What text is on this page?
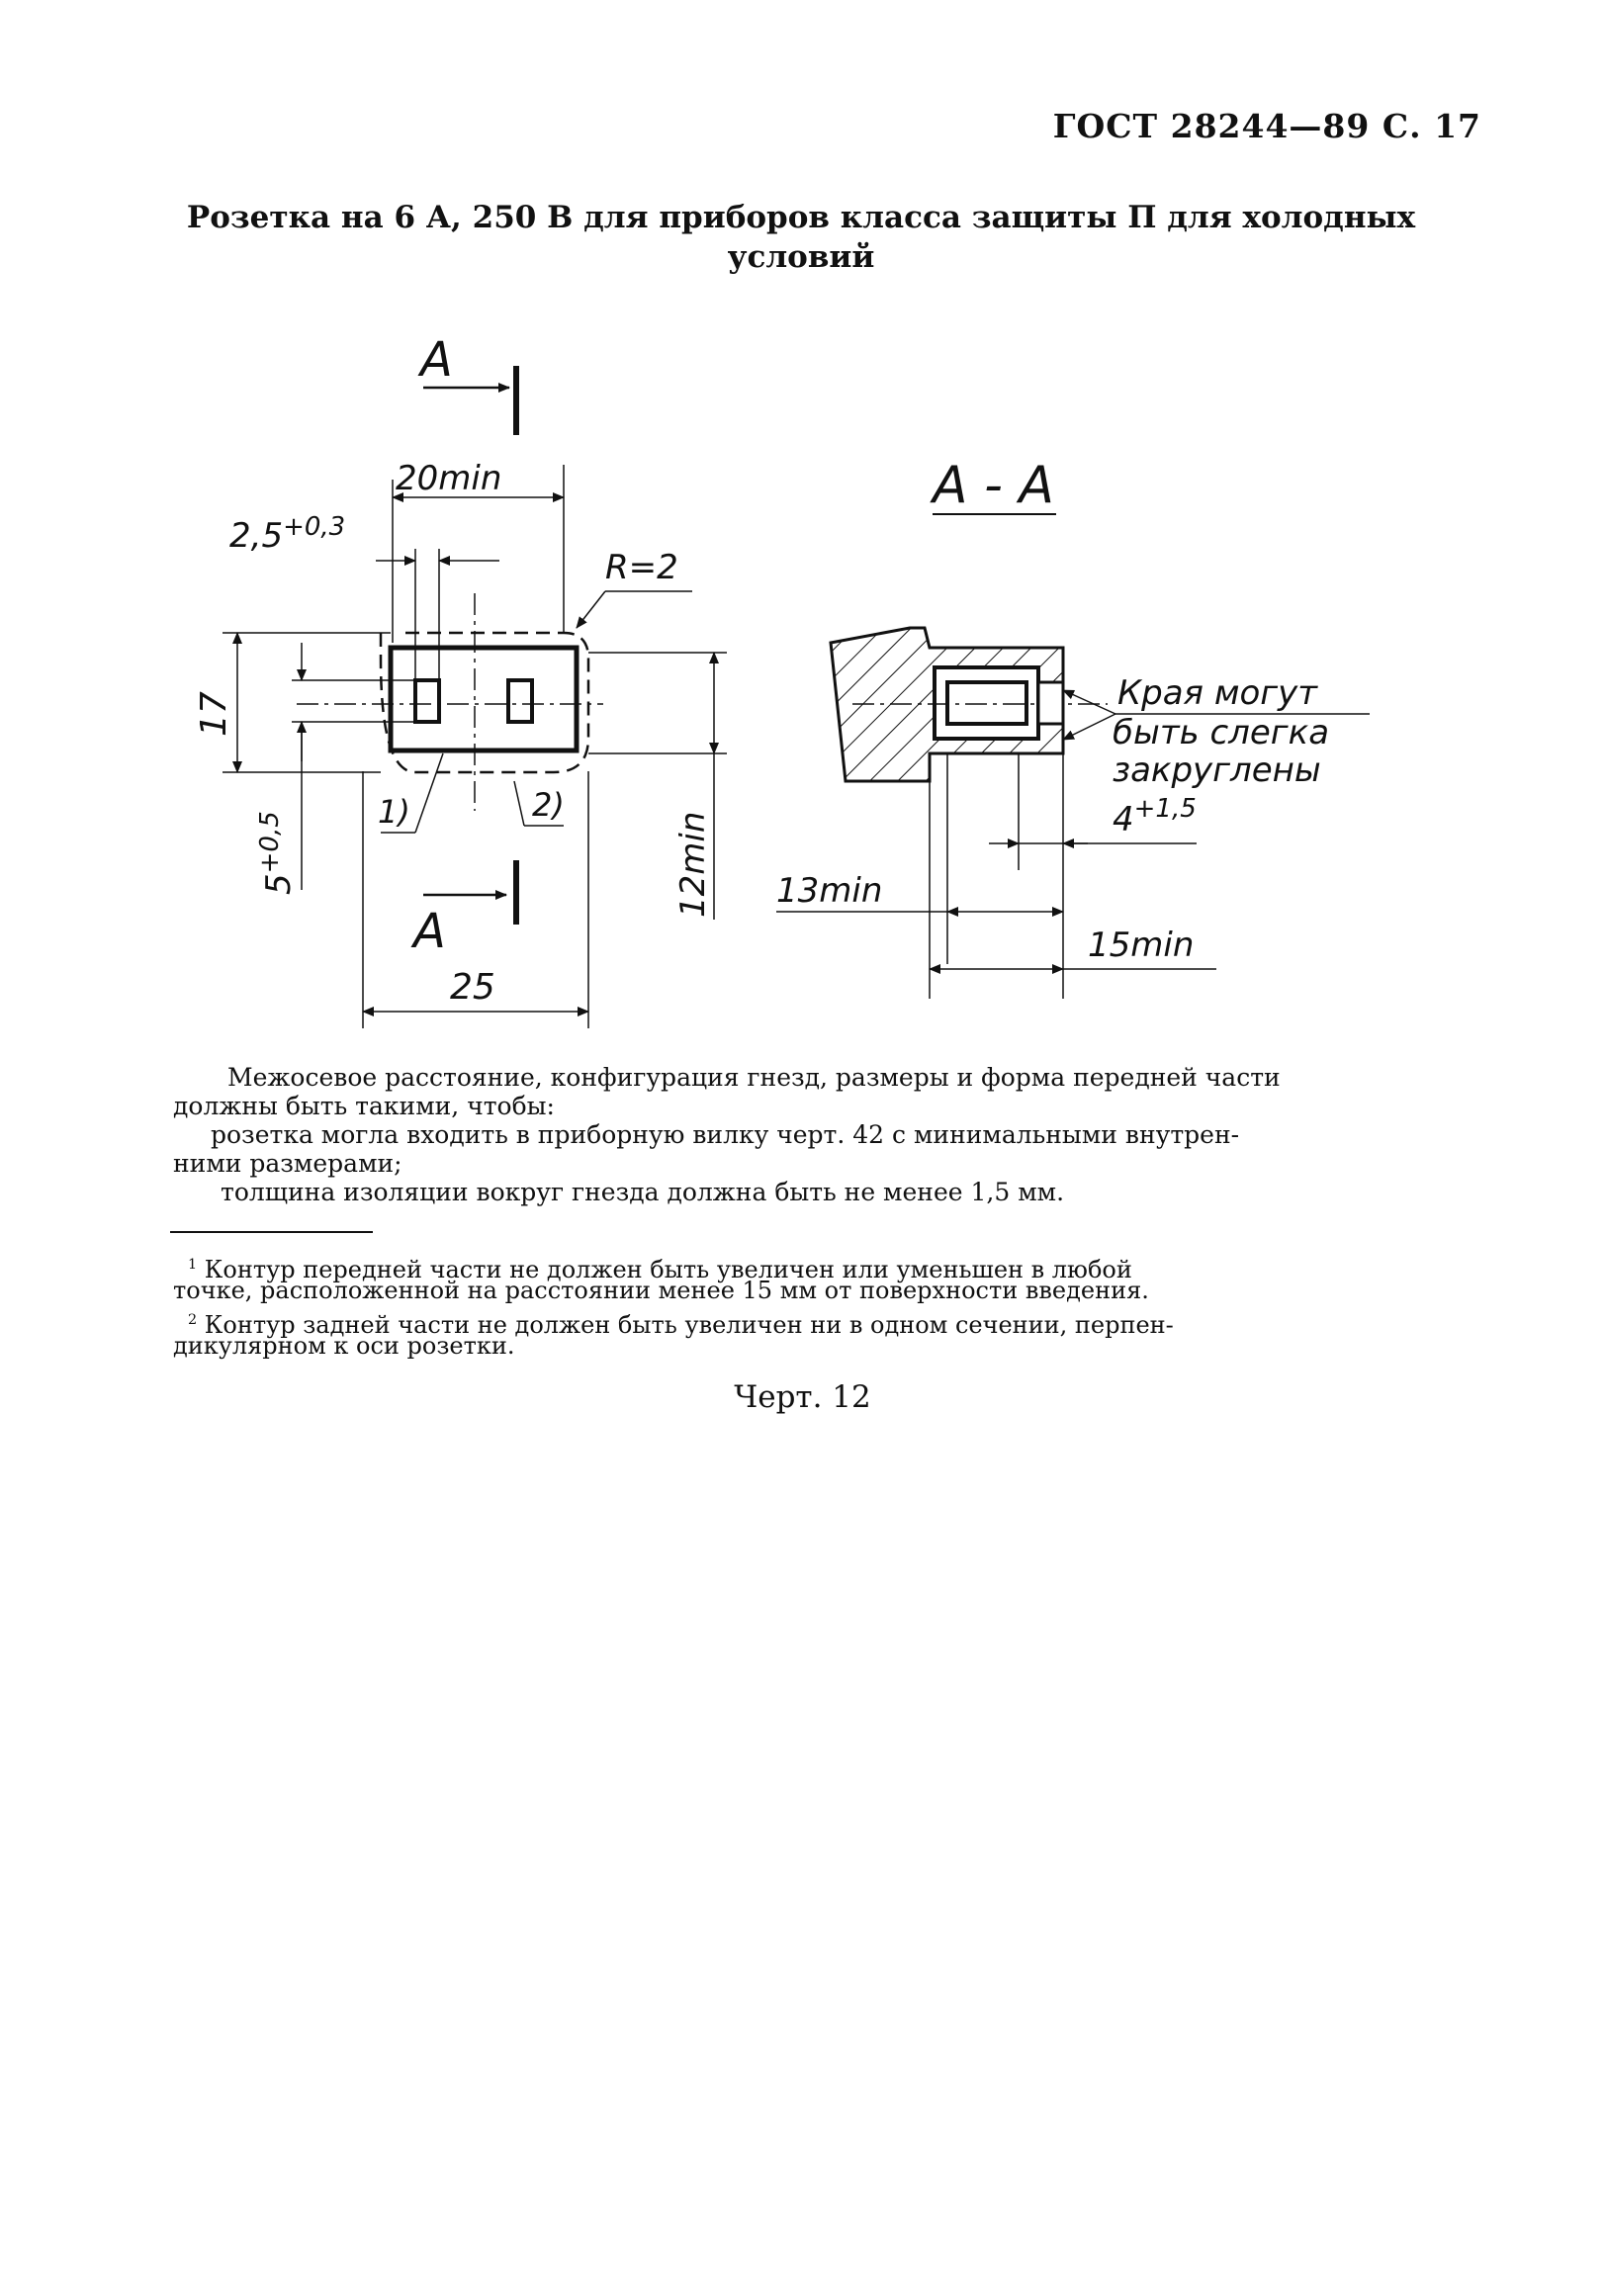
ГОСТ 28244—89 С. 17
Розетка на 6 А, 250 В для приборов класса защиты П для холодных
условий
A
20min
$2,5^{+0,3}$
R=2
17
$5^{+0,5}$	12min
1)	2)
A
25
A - A
Края могут
быть слегка
закруглены
$4^{+1,5}$
13min
15min
Межосевое расстояние, конфигурация гнезд, размеры и форма передней части
должны быть такими, чтобы:
розетка могла входить в приборную вилку черт. 42 с минимальными внутрен-
ними размерами;
толщина изоляции вокруг гнезда должна быть не менее 1,5 мм.
$^1$ Контур передней части не должен быть увеличен или уменьшен в любой
точке, расположенной на расстоянии менее 15 мм от поверхности введения.
$^2$ Контур задней части не должен быть увеличен ни в одном сечении, перпен-
дикулярном к оси розетки.
Черт. 12
